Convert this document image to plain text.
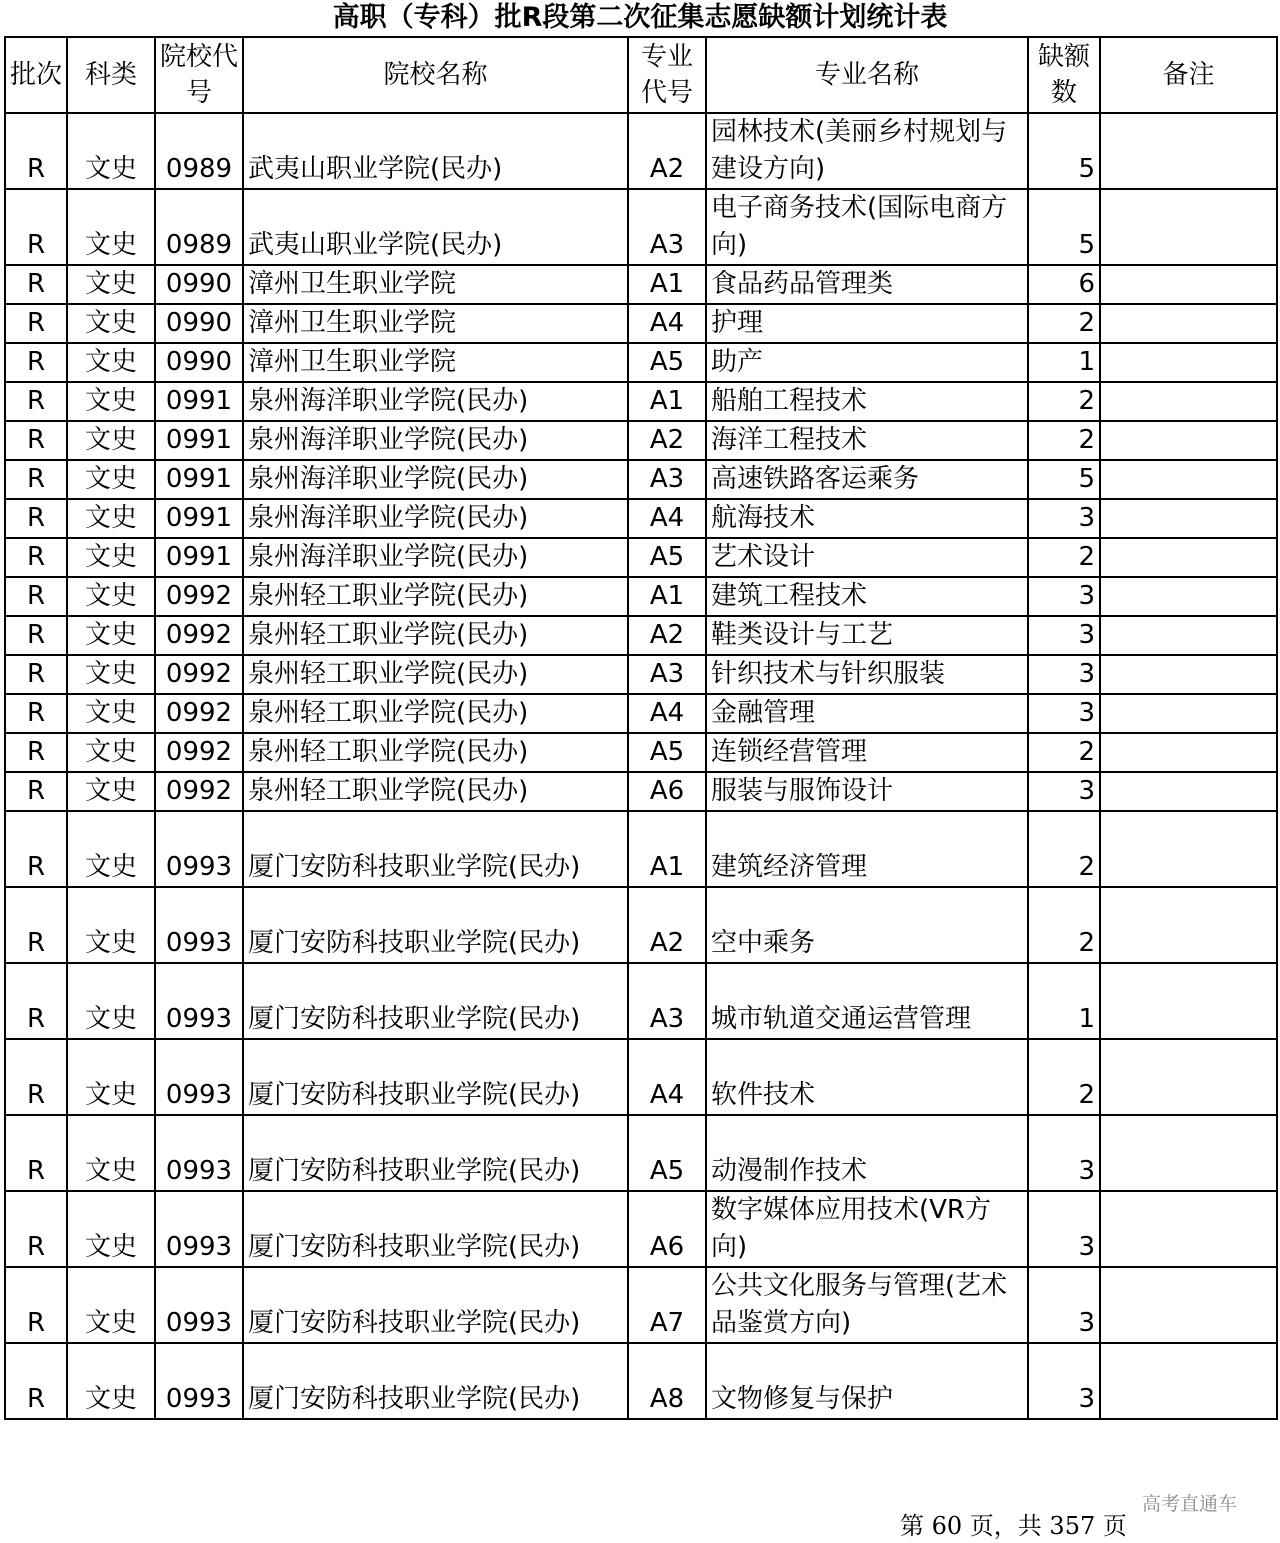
高职（专科）批R段第二次征集志愿缺额计划统计表
批次	科类	院校代号	院校名称	专业代号	专业名称	缺额数	备注
R	文史	0989	武夷山职业学院(民办)	A2	园林技术(美丽乡村规划与建设方向)	5	
R	文史	0989	武夷山职业学院(民办)	A3	电子商务技术(国际电商方向)	5	
R	文史	0990	漳州卫生职业学院	A1	食品药品管理类	6	
R	文史	0990	漳州卫生职业学院	A4	护理	2	
R	文史	0990	漳州卫生职业学院	A5	助产	1	
R	文史	0991	泉州海洋职业学院(民办)	A1	船舶工程技术	2	
R	文史	0991	泉州海洋职业学院(民办)	A2	海洋工程技术	2	
R	文史	0991	泉州海洋职业学院(民办)	A3	高速铁路客运乘务	5	
R	文史	0991	泉州海洋职业学院(民办)	A4	航海技术	3	
R	文史	0991	泉州海洋职业学院(民办)	A5	艺术设计	2	
R	文史	0992	泉州轻工职业学院(民办)	A1	建筑工程技术	3	
R	文史	0992	泉州轻工职业学院(民办)	A2	鞋类设计与工艺	3	
R	文史	0992	泉州轻工职业学院(民办)	A3	针织技术与针织服装	3	
R	文史	0992	泉州轻工职业学院(民办)	A4	金融管理	3	
R	文史	0992	泉州轻工职业学院(民办)	A5	连锁经营管理	2	
R	文史	0992	泉州轻工职业学院(民办)	A6	服装与服饰设计	3	
R	文史	0993	厦门安防科技职业学院(民办)	A1	建筑经济管理	2	
R	文史	0993	厦门安防科技职业学院(民办)	A2	空中乘务	2	
R	文史	0993	厦门安防科技职业学院(民办)	A3	城市轨道交通运营管理	1	
R	文史	0993	厦门安防科技职业学院(民办)	A4	软件技术	2	
R	文史	0993	厦门安防科技职业学院(民办)	A5	动漫制作技术	3	
R	文史	0993	厦门安防科技职业学院(民办)	A6	数字媒体应用技术(VR方向)	3	
R	文史	0993	厦门安防科技职业学院(民办)	A7	公共文化服务与管理(艺术品鉴赏方向)	3	
R	文史	0993	厦门安防科技职业学院(民办)	A8	文物修复与保护	3	
第 60 页，共 357 页
高考直通车
